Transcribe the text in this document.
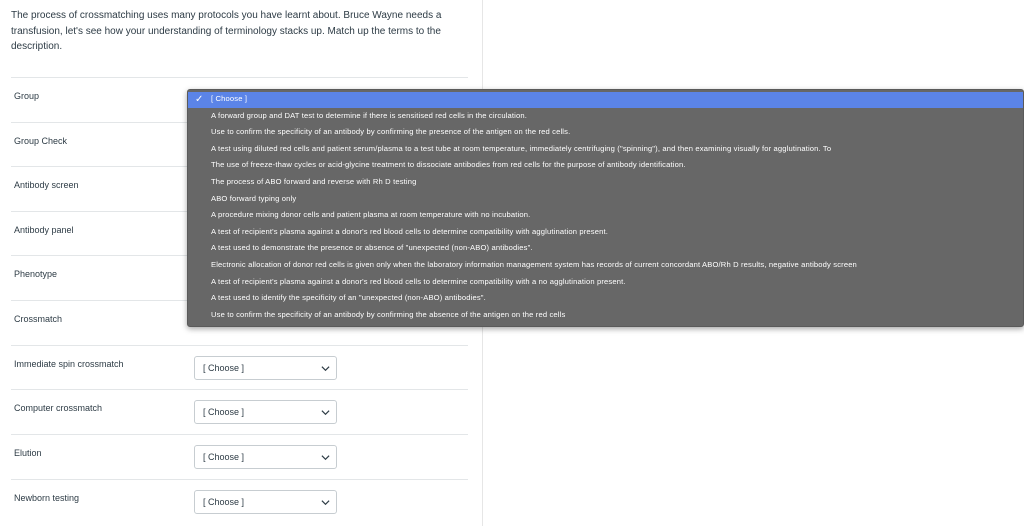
The process of crossmatching uses many protocols you have learnt about. Bruce Wayne needs a transfusion, let's see how your understanding of terminology stacks up. Match up the terms to the description.

Group
Group Check
Antibody screen
Antibody panel
Phenotype
Crossmatch
Immediate spin crossmatch	[ Choose ]
Computer crossmatch	[ Choose ]
Elution	[ Choose ]
Newborn testing	[ Choose ]
✓ [ Choose ]
A forward group and DAT test to determine if there is sensitised red cells in the circulation.
Use to confirm the specificity of an antibody by confirming the presence of the antigen on the red cells.
A test using diluted red cells and patient serum/plasma to a test tube at room temperature, immediately centrifuging ("spinning"), and then examining visually for agglutination. To
The use of freeze-thaw cycles or acid-glycine treatment to dissociate antibodies from red cells for the purpose of antibody identification.
The process of ABO forward and reverse with Rh D testing
ABO forward typing only
A procedure mixing donor cells and patient plasma at room temperature with no incubation.
A test of recipient's plasma against a donor's red blood cells to determine compatibility with agglutination present.
A test used to demonstrate the presence or absence of "unexpected (non-ABO) antibodies".
Electronic allocation of donor red cells is given only when the laboratory information management system has records of current concordant ABO/Rh D results, negative antibody screen
A test of recipient's plasma against a donor's red blood cells to determine compatibility with a no agglutination present.
A test used to identify the specificity of an "unexpected (non-ABO) antibodies".
Use to confirm the specificity of an antibody by confirming the absence of the antigen on the red cells
